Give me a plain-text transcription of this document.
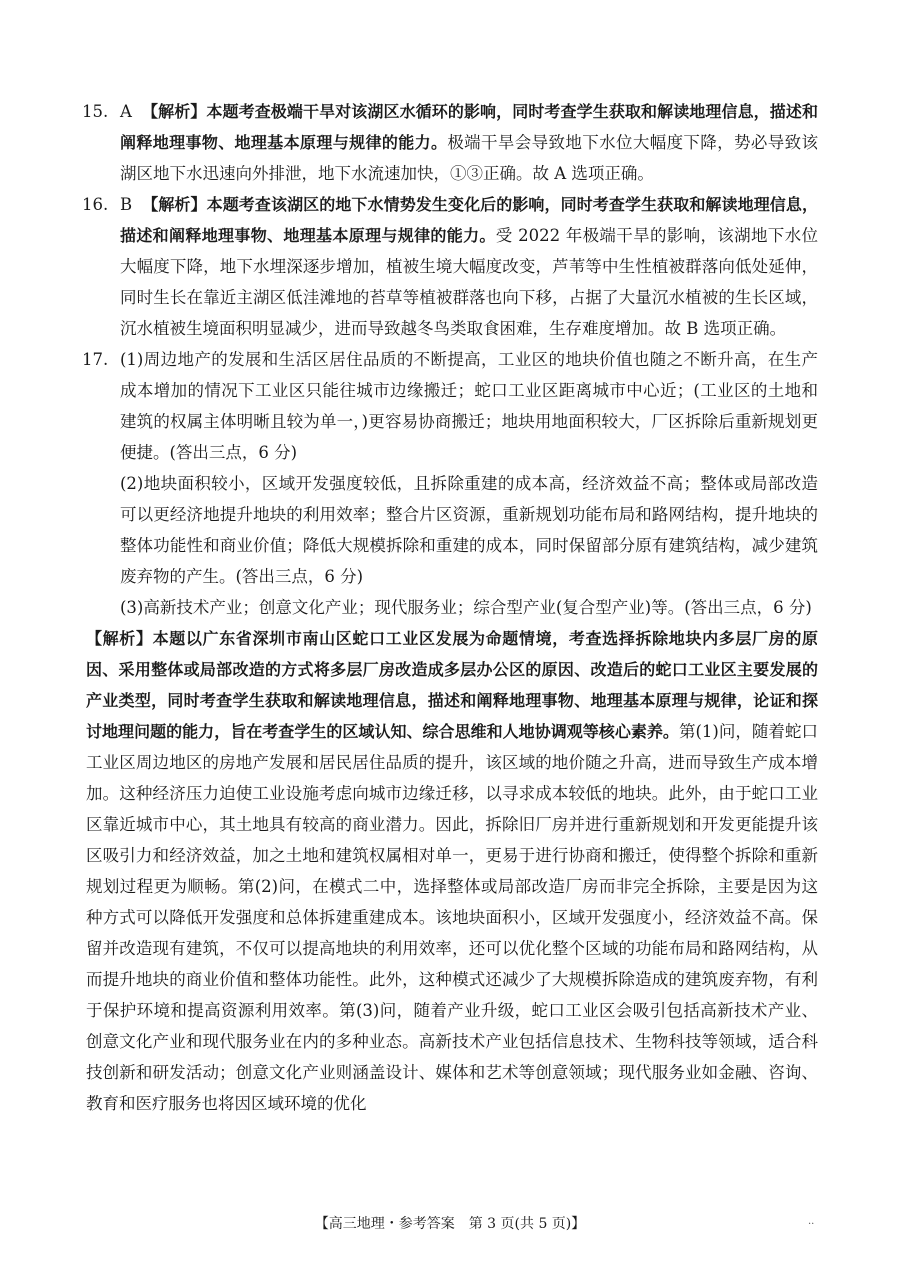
15. A 【解析】本题考查极端干旱对该湖区水循环的影响，同时考查学生获取和解读地理信息，描述和阐释地理事物、地理基本原理与规律的能力。极端干旱会导致地下水位大幅度下降，势必导致该湖区地下水迅速向外排泄，地下水流速加快，①③正确。故 A 选项正确。

16. B 【解析】本题考查该湖区的地下水情势发生变化后的影响，同时考查学生获取和解读地理信息，描述和阐释地理事物、地理基本原理与规律的能力。受 2022 年极端干旱的影响，该湖地下水位大幅度下降，地下水埋深逐步增加，植被生境大幅度改变，芦苇等中生性植被群落向低处延伸，同时生长在靠近主湖区低洼滩地的苔草等植被群落也向下移，占据了大量沉水植被的生长区域，沉水植被生境面积明显减少，进而导致越冬鸟类取食困难，生存难度增加。故 B 选项正确。

17. (1)周边地产的发展和生活区居住品质的不断提高，工业区的地块价值也随之不断升高，在生产成本增加的情况下工业区只能往城市边缘搬迁；蛇口工业区距离城市中心近；(工业区的土地和建筑的权属主体明晰且较为单一，)更容易协商搬迁；地块用地面积较大，厂区拆除后重新规划更便捷。(答出三点，6 分)

(2)地块面积较小，区域开发强度较低，且拆除重建的成本高，经济效益不高；整体或局部改造可以更经济地提升地块的利用效率；整合片区资源，重新规划功能布局和路网结构，提升地块的整体功能性和商业价值；降低大规模拆除和重建的成本，同时保留部分原有建筑结构，减少建筑废弃物的产生。(答出三点，6 分)

(3)高新技术产业；创意文化产业；现代服务业；综合型产业(复合型产业)等。(答出三点，6 分)

【解析】本题以广东省深圳市南山区蛇口工业区发展为命题情境，考查选择拆除地块内多层厂房的原因、采用整体或局部改造的方式将多层厂房改造成多层办公区的原因、改造后的蛇口工业区主要发展的产业类型，同时考查学生获取和解读地理信息，描述和阐释地理事物、地理基本原理与规律，论证和探讨地理问题的能力，旨在考查学生的区域认知、综合思维和人地协调观等核心素养。第(1)问，随着蛇口工业区周边地区的房地产发展和居民居住品质的提升，该区域的地价随之升高，进而导致生产成本增加。这种经济压力迫使工业设施考虑向城市边缘迁移，以寻求成本较低的地块。此外，由于蛇口工业区靠近城市中心，其土地具有较高的商业潜力。因此，拆除旧厂房并进行重新规划和开发更能提升该区吸引力和经济效益，加之土地和建筑权属相对单一，更易于进行协商和搬迁，使得整个拆除和重新规划过程更为顺畅。第(2)问，在模式二中，选择整体或局部改造厂房而非完全拆除，主要是因为这种方式可以降低开发强度和总体拆建重建成本。该地块面积小，区域开发强度小，经济效益不高。保留并改造现有建筑，不仅可以提高地块的利用效率，还可以优化整个区域的功能布局和路网结构，从而提升地块的商业价值和整体功能性。此外，这种模式还减少了大规模拆除造成的建筑废弃物，有利于保护环境和提高资源利用效率。第(3)问，随着产业升级，蛇口工业区会吸引包括高新技术产业、创意文化产业和现代服务业在内的多种业态。高新技术产业包括信息技术、生物科技等领域，适合科技创新和研发活动；创意文化产业则涵盖设计、媒体和艺术等创意领域；现代服务业如金融、咨询、教育和医疗服务也将因区域环境的优化

【高三地理・参考答案　第 3 页(共 5 页)】	..
